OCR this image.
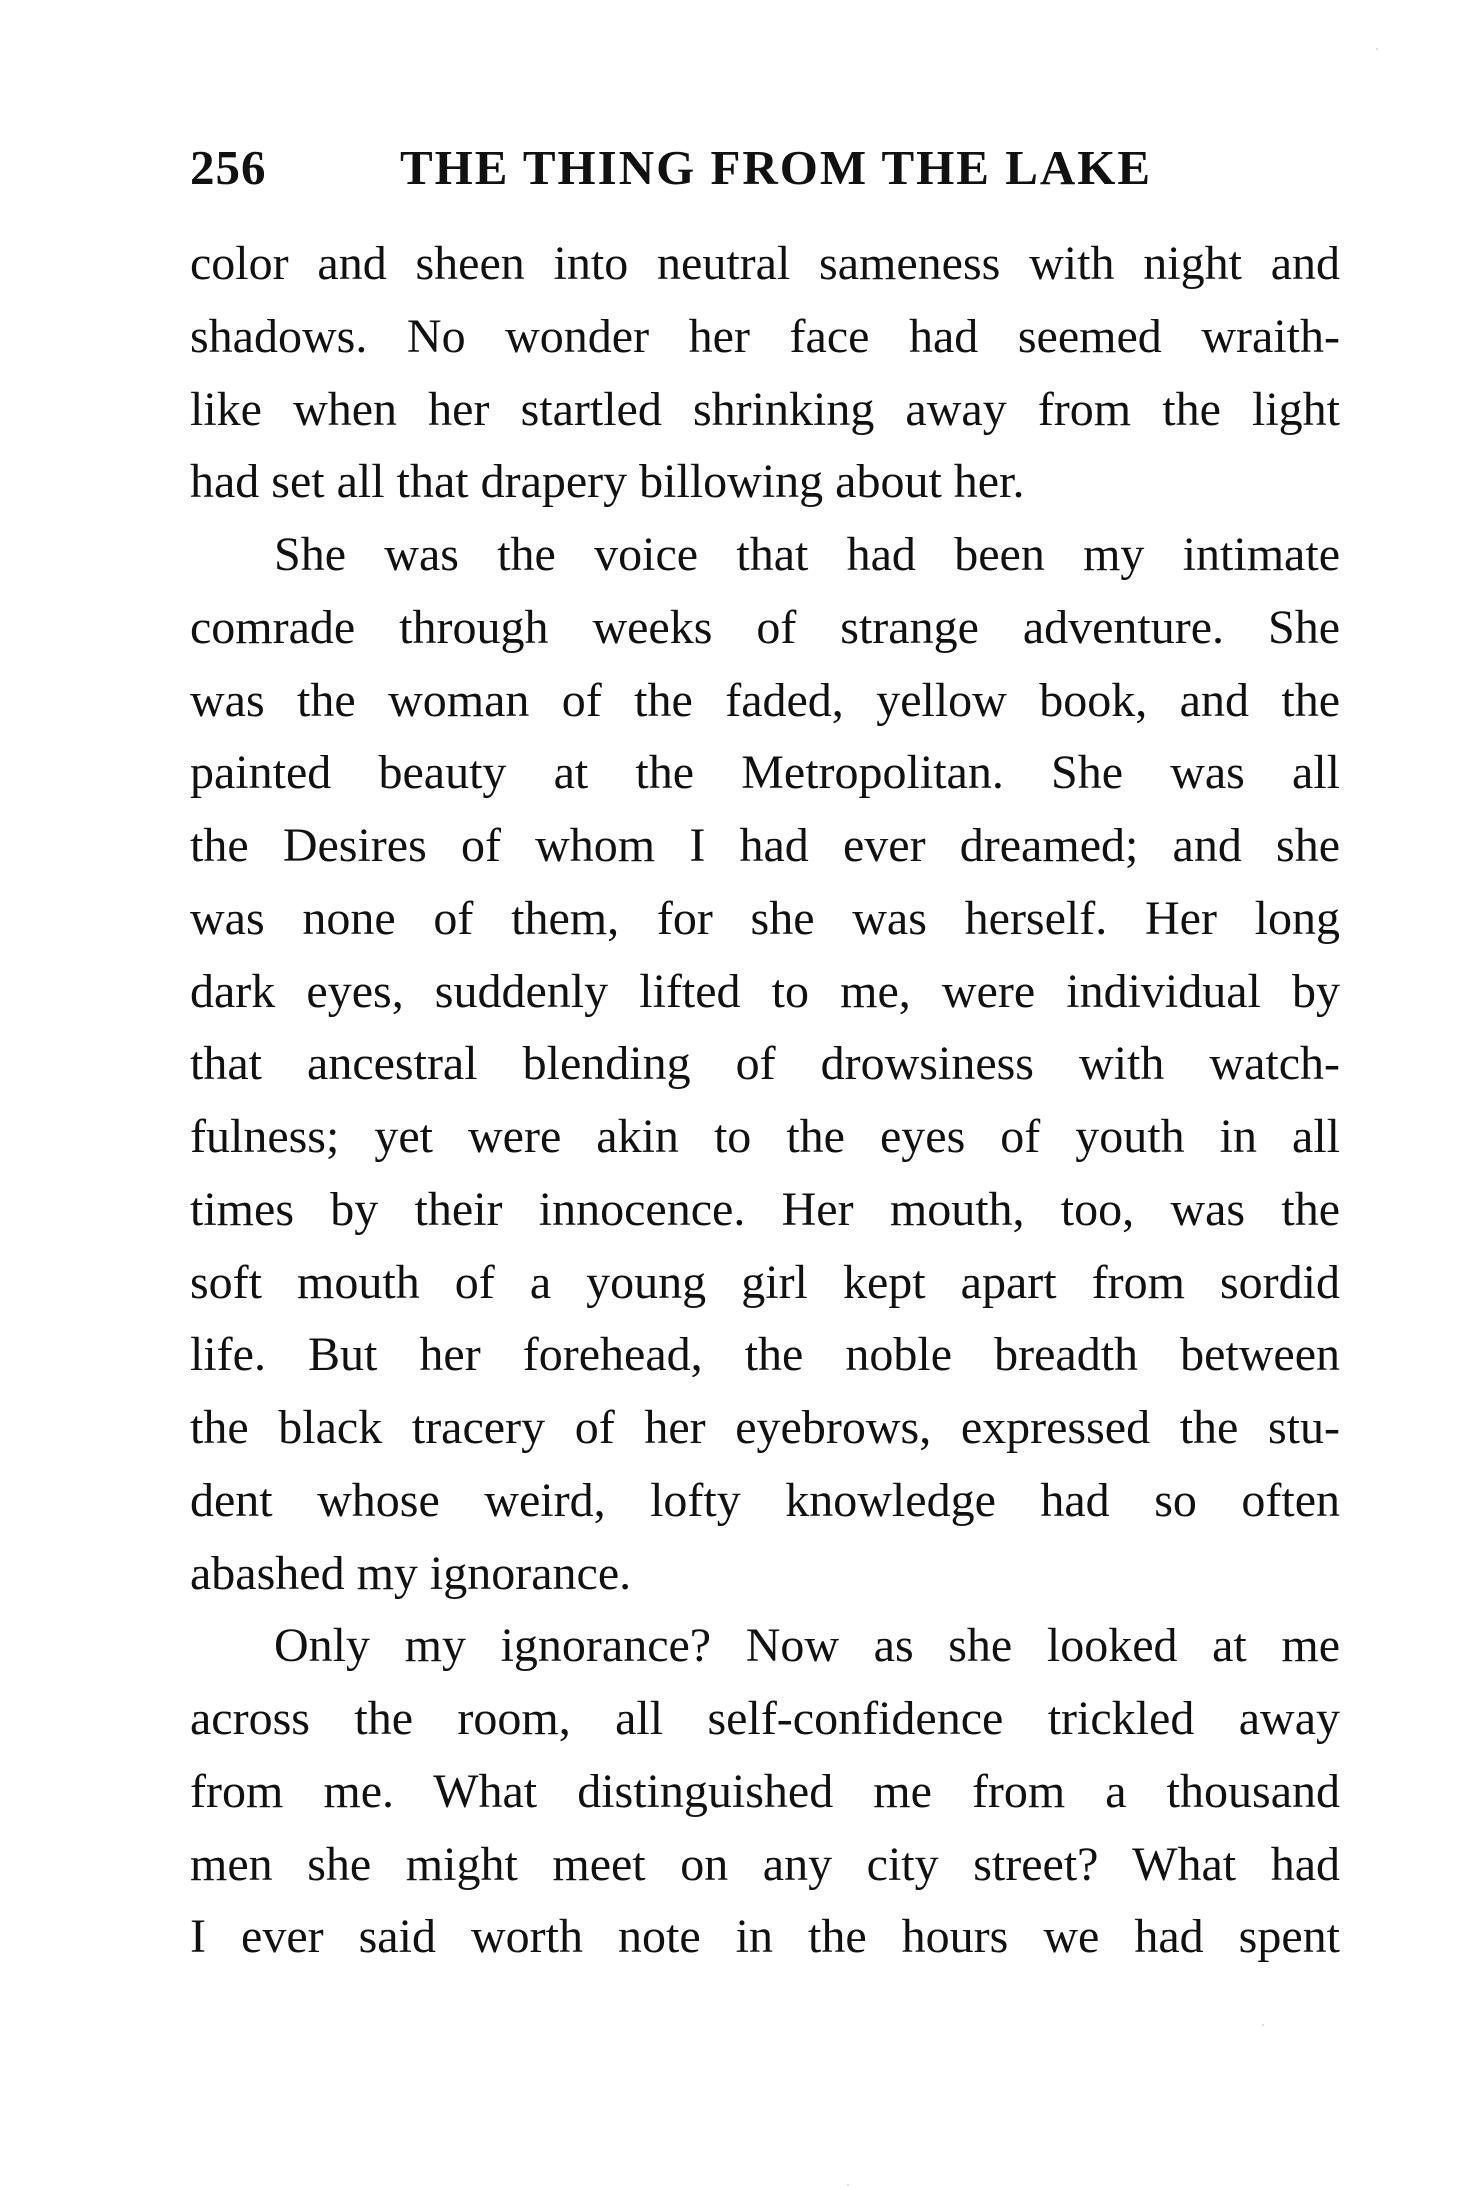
256	THE THING FROM THE LAKE
color and sheen into neutral sameness with night and
shadows. No wonder her face had seemed wraith-
like when her startled shrinking away from the light
had set all that drapery billowing about her.
She was the voice that had been my intimate
comrade through weeks of strange adventure. She
was the woman of the faded, yellow book, and the
painted beauty at the Metropolitan. She was all
the Desires of whom I had ever dreamed; and she
was none of them, for she was herself. Her long
dark eyes, suddenly lifted to me, were individual by
that ancestral blending of drowsiness with watch-
fulness; yet were akin to the eyes of youth in all
times by their innocence. Her mouth, too, was the
soft mouth of a young girl kept apart from sordid
life. But her forehead, the noble breadth between
the black tracery of her eyebrows, expressed the stu-
dent whose weird, lofty knowledge had so often
abashed my ignorance.
Only my ignorance? Now as she looked at me
across the room, all self-confidence trickled away
from me. What distinguished me from a thousand
men she might meet on any city street? What had
I ever said worth note in the hours we had spent
